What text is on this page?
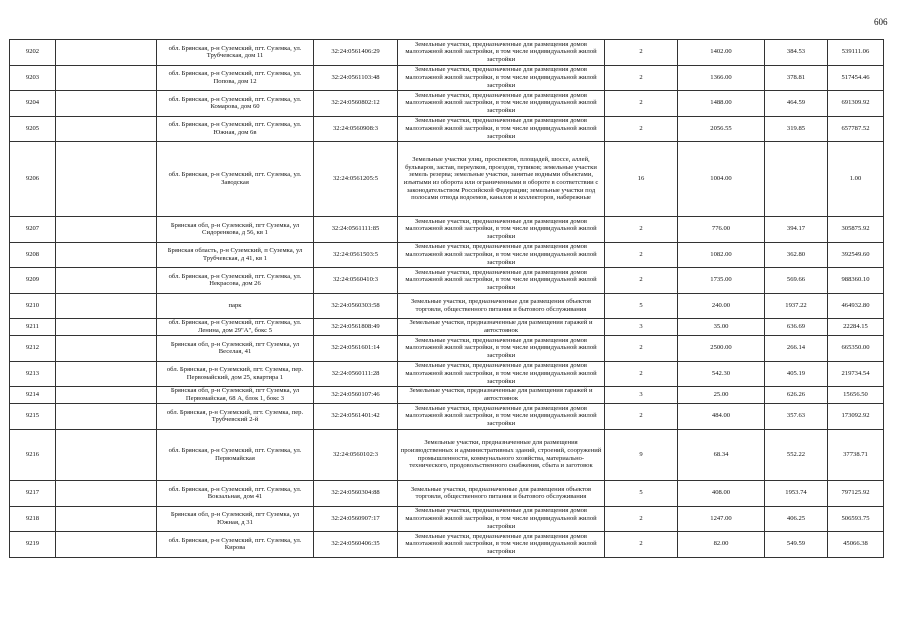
606
9202		обл. Брянская, р-н Суземский, пгт. Суземка, ул. Трубчевская, дом 11	32:24:0561406:29	Земельные участки, предназначенные для размещения домов малоэтажной жилой застройки, в том числе индивидуальной жилой застройки	2	1402.00	384.53	539111.06
9203		обл. Брянская, р-н Суземский, пгт. Суземка, ул. Попова, дом 12	32:24:0561103:48	Земельные участки, предназначенные для размещения домов малоэтажной жилой застройки, в том числе индивидуальной жилой застройки	2	1366.00	378.81	517454.46
9204		обл. Брянская, р-н Суземский, пгт. Суземка, ул. Комарова, дом 60	32:24:0560802:12	Земельные участки, предназначенные для размещения домов малоэтажной жилой застройки, в том числе индивидуальной жилой застройки	2	1488.00	464.59	691309.92
9205		обл. Брянская, р-н Суземский, пгт. Суземка, ул. Южная, дом 6в	32:24:0560908:3	Земельные участки, предназначенные для размещения домов малоэтажной жилой застройки, в том числе индивидуальной жилой застройки	2	2056.55	319.85	657787.52
9206		обл. Брянская, р-н Суземский, пгт. Суземка, ул. Заводская	32:24:0561205:5	Земельные участки улиц, проспектов, площадей, шоссе, аллей, бульваров, застав, переулков, проездов, тупиков; земельные участки земель резерва; земельные участки, занятые водными объектами, изъятыми из оборота или ограниченными в обороте в соответствии с законодательством Российской Федерации; земельные участки под полосами отвода водоемов, каналов и коллекторов, набережные	16	1004.00		1.00
9207		Брянская обл, р-н Суземский, пгт Суземка, ул Сидоренкова, д 56, кв 1	32:24:0561111:85	Земельные участки, предназначенные для размещения домов малоэтажной жилой застройки, в том числе индивидуальной жилой застройки	2	776.00	394.17	305875.92
9208		Брянская область, р-н Суземский, п Суземка, ул Трубчевская, д 41, кв 1	32:24:0561503:5	Земельные участки, предназначенные для размещения домов малоэтажной жилой застройки, в том числе индивидуальной жилой застройки	2	1082.00	362.80	392549.60
9209		обл. Брянская, р-н Суземский, пгт. Суземка, ул. Некрасова, дом 26	32:24:0560410:3	Земельные участки, предназначенные для размещения домов малоэтажной жилой застройки, в том числе индивидуальной жилой застройки	2	1735.00	569.66	988360.10
9210		парк	32:24:0560303:58	Земельные участки, предназначенные для размещения объектов торговли, общественного питания и бытового обслуживания	5	240.00	1937.22	464932.80
9211		обл. Брянская, р-н Суземский, пгт. Суземка, ул. Ленина, дом 29"А", бокс 5	32:24:0561808:49	Земельные участки, предназначенные для размещения гаражей и автостоянок	3	35.00	636.69	22284.15
9212		Брянская обл, р-н Суземский, пгт Суземка, ул Веселая, 41	32:24:0561601:14	Земельные участки, предназначенные для размещения домов малоэтажной жилой застройки, в том числе индивидуальной жилой застройки	2	2500.00	266.14	665350.00
9213		обл. Брянская, р-н Суземский, пгт. Суземка, пер. Первомайский, дом 25, квартира 1	32:24:0560111:28	Земельные участки, предназначенные для размещения домов малоэтажной жилой застройки, в том числе индивидуальной жилой застройки	2	542.30	405.19	219734.54
9214		Брянская обл, р-н Суземский, пгт Суземка, ул Первомайская, 68 А, блок 1, бокс 3	32:24:0560107:46	Земельные участки, предназначенные для размещения гаражей и автостоянок	3	25.00	626.26	15656.50
9215		обл. Брянская, р-н Суземский, пгт. Суземка, пер. Трубчевский 2-й	32:24:0561401:42	Земельные участки, предназначенные для размещения домов малоэтажной жилой застройки, в том числе индивидуальной жилой застройки	2	484.00	357.63	173092.92
9216		обл. Брянская, р-н Суземский, пгт. Суземка, ул. Первомайская	32:24:0560102:3	Земельные участки, предназначенные для размещения производственных и административных зданий, строений, сооружений промышленности, коммунального хозяйства, материально-технического, продовольственного снабжения, сбыта и заготовок	9	68.34	552.22	37738.71
9217		обл. Брянская, р-н Суземский, пгт. Суземка, ул. Вокзальная, дом 41	32:24:0560304:88	Земельные участки, предназначенные для размещения объектов торговли, общественного питания и бытового обслуживания	5	408.00	1953.74	797125.92
9218		Брянская обл, р-н Суземский, пгт Суземка, ул Южная, д 31	32:24:0560907:17	Земельные участки, предназначенные для размещения домов малоэтажной жилой застройки, в том числе индивидуальной жилой застройки	2	1247.00	406.25	506593.75
9219		обл. Брянская, р-н Суземский, пгт. Суземка, ул. Кирова	32:24:0560406:35	Земельные участки, предназначенные для размещения домов малоэтажной жилой застройки, в том числе индивидуальной жилой застройки	2	82.00	549.59	45066.38
